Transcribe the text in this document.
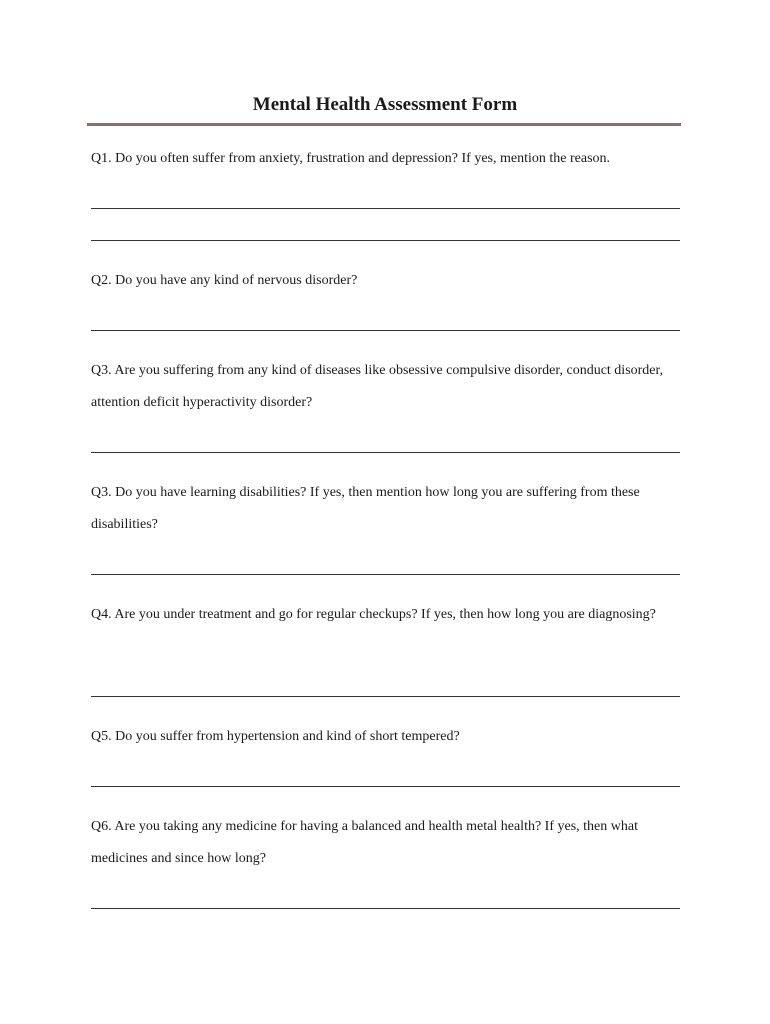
Mental Health Assessment Form

Q1. Do you often suffer from anxiety, frustration and depression? If yes, mention the reason.

Q2. Do you have any kind of nervous disorder?

Q3. Are you suffering from any kind of diseases like obsessive compulsive disorder, conduct disorder, attention deficit hyperactivity disorder?

Q3. Do you have learning disabilities? If yes, then mention how long you are suffering from these disabilities?

Q4. Are you under treatment and go for regular checkups? If yes, then how long you are diagnosing?

Q5. Do you suffer from hypertension and kind of short tempered?

Q6. Are you taking any medicine for having a balanced and health metal health? If yes, then what medicines and since how long?
